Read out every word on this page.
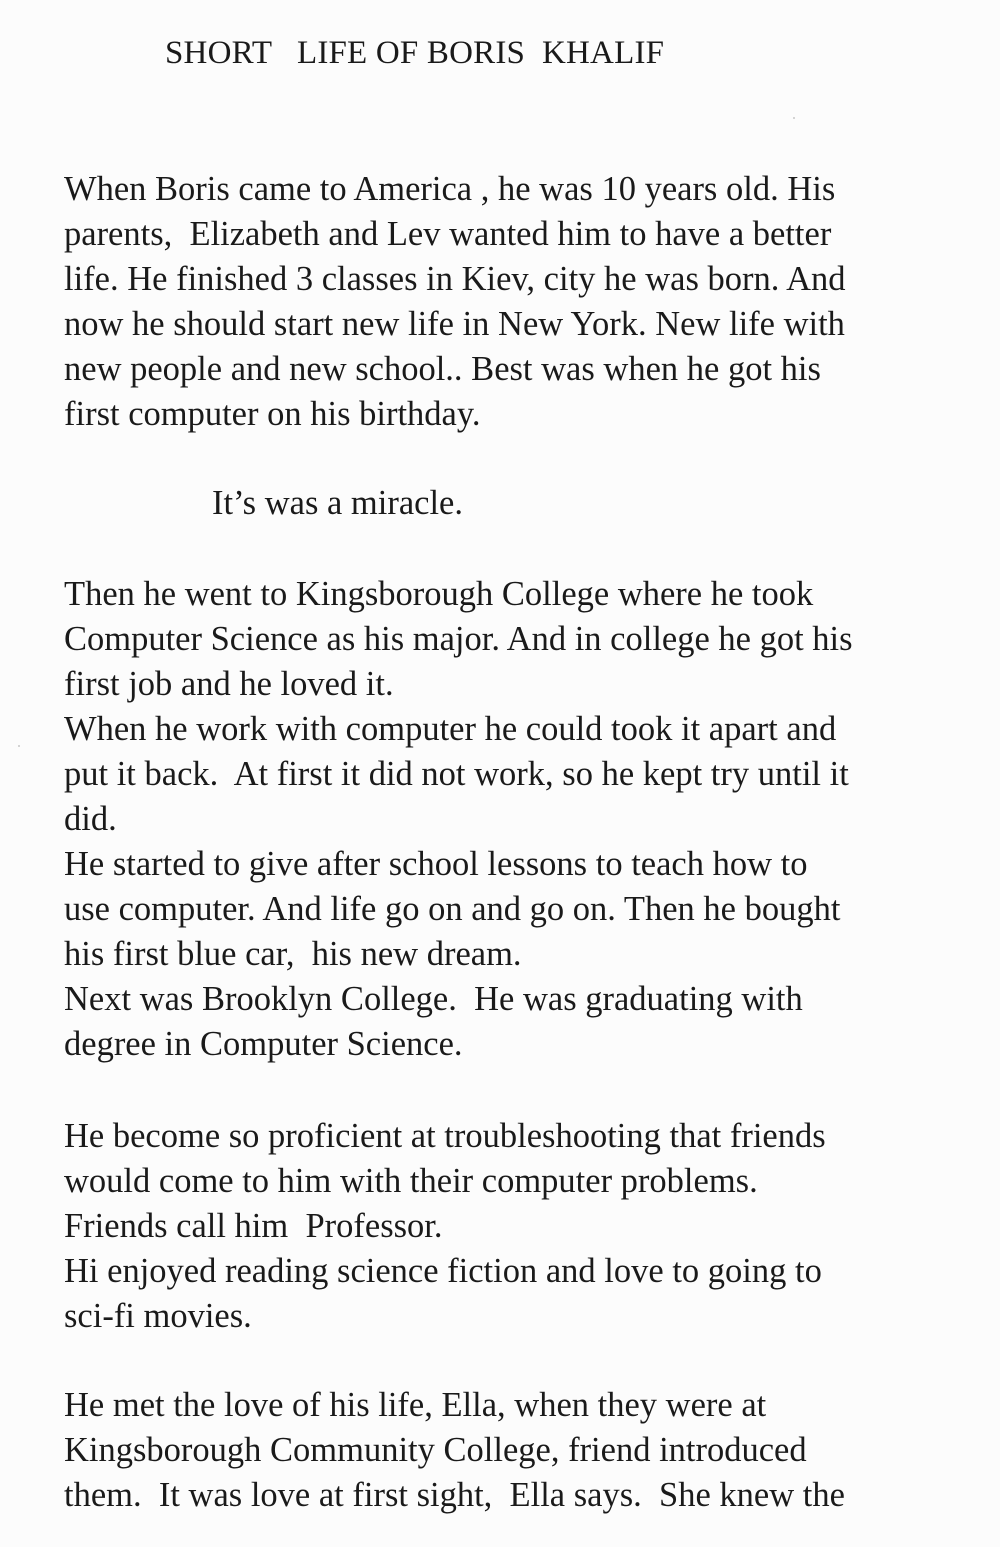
SHORT   LIFE OF BORIS  KHALIF
When Boris came to America , he was 10 years old. His
parents,  Elizabeth and Lev wanted him to have a better
life. He finished 3 classes in Kiev, city he was born. And
now he should start new life in New York. New life with
new people and new school.. Best was when he got his
first computer on his birthday.
It’s was a miracle.
Then he went to Kingsborough College where he took
Computer Science as his major. And in college he got his
first job and he loved it.
When he work with computer he could took it apart and
put it back.  At first it did not work, so he kept try until it
did.
He started to give after school lessons to teach how to
use computer. And life go on and go on. Then he bought
his first blue car,  his new dream.
Next was Brooklyn College.  He was graduating with
degree in Computer Science.
He become so proficient at troubleshooting that friends
would come to him with their computer problems.
Friends call him  Professor.
Hi enjoyed reading science fiction and love to going to
sci-fi movies.
He met the love of his life, Ella, when they were at
Kingsborough Community College, friend introduced
them.  It was love at first sight,  Ella says.  She knew the
